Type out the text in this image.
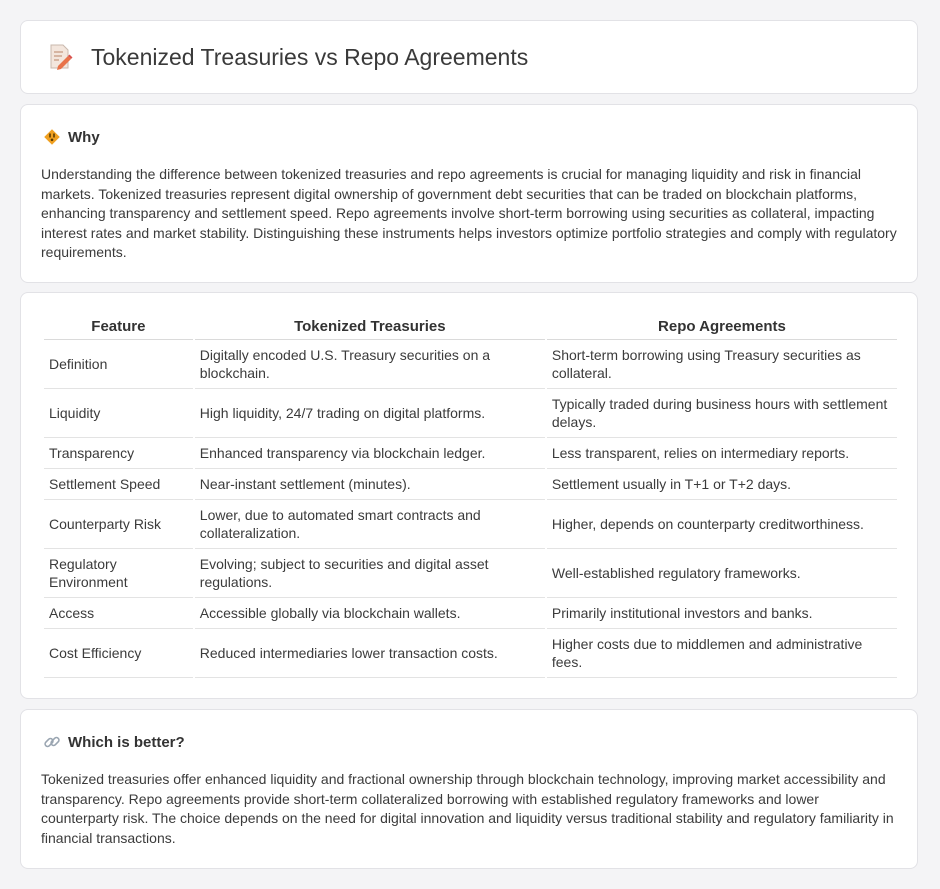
Tokenized Treasuries vs Repo Agreements
Why
Understanding the difference between tokenized treasuries and repo agreements is crucial for managing liquidity and risk in financial markets. Tokenized treasuries represent digital ownership of government debt securities that can be traded on blockchain platforms, enhancing transparency and settlement speed. Repo agreements involve short-term borrowing using securities as collateral, impacting interest rates and market stability. Distinguishing these instruments helps investors optimize portfolio strategies and comply with regulatory requirements.
Feature	Tokenized Treasuries	Repo Agreements
Definition	Digitally encoded U.S. Treasury securities on a blockchain.	Short-term borrowing using Treasury securities as collateral.
Liquidity	High liquidity, 24/7 trading on digital platforms.	Typically traded during business hours with settlement delays.
Transparency	Enhanced transparency via blockchain ledger.	Less transparent, relies on intermediary reports.
Settlement Speed	Near-instant settlement (minutes).	Settlement usually in T+1 or T+2 days.
Counterparty Risk	Lower, due to automated smart contracts and collateralization.	Higher, depends on counterparty creditworthiness.
Regulatory Environment	Evolving; subject to securities and digital asset regulations.	Well-established regulatory frameworks.
Access	Accessible globally via blockchain wallets.	Primarily institutional investors and banks.
Cost Efficiency	Reduced intermediaries lower transaction costs.	Higher costs due to middlemen and administrative fees.
Which is better?
Tokenized treasuries offer enhanced liquidity and fractional ownership through blockchain technology, improving market accessibility and transparency. Repo agreements provide short-term collateralized borrowing with established regulatory frameworks and lower counterparty risk. The choice depends on the need for digital innovation and liquidity versus traditional stability and regulatory familiarity in financial transactions.
